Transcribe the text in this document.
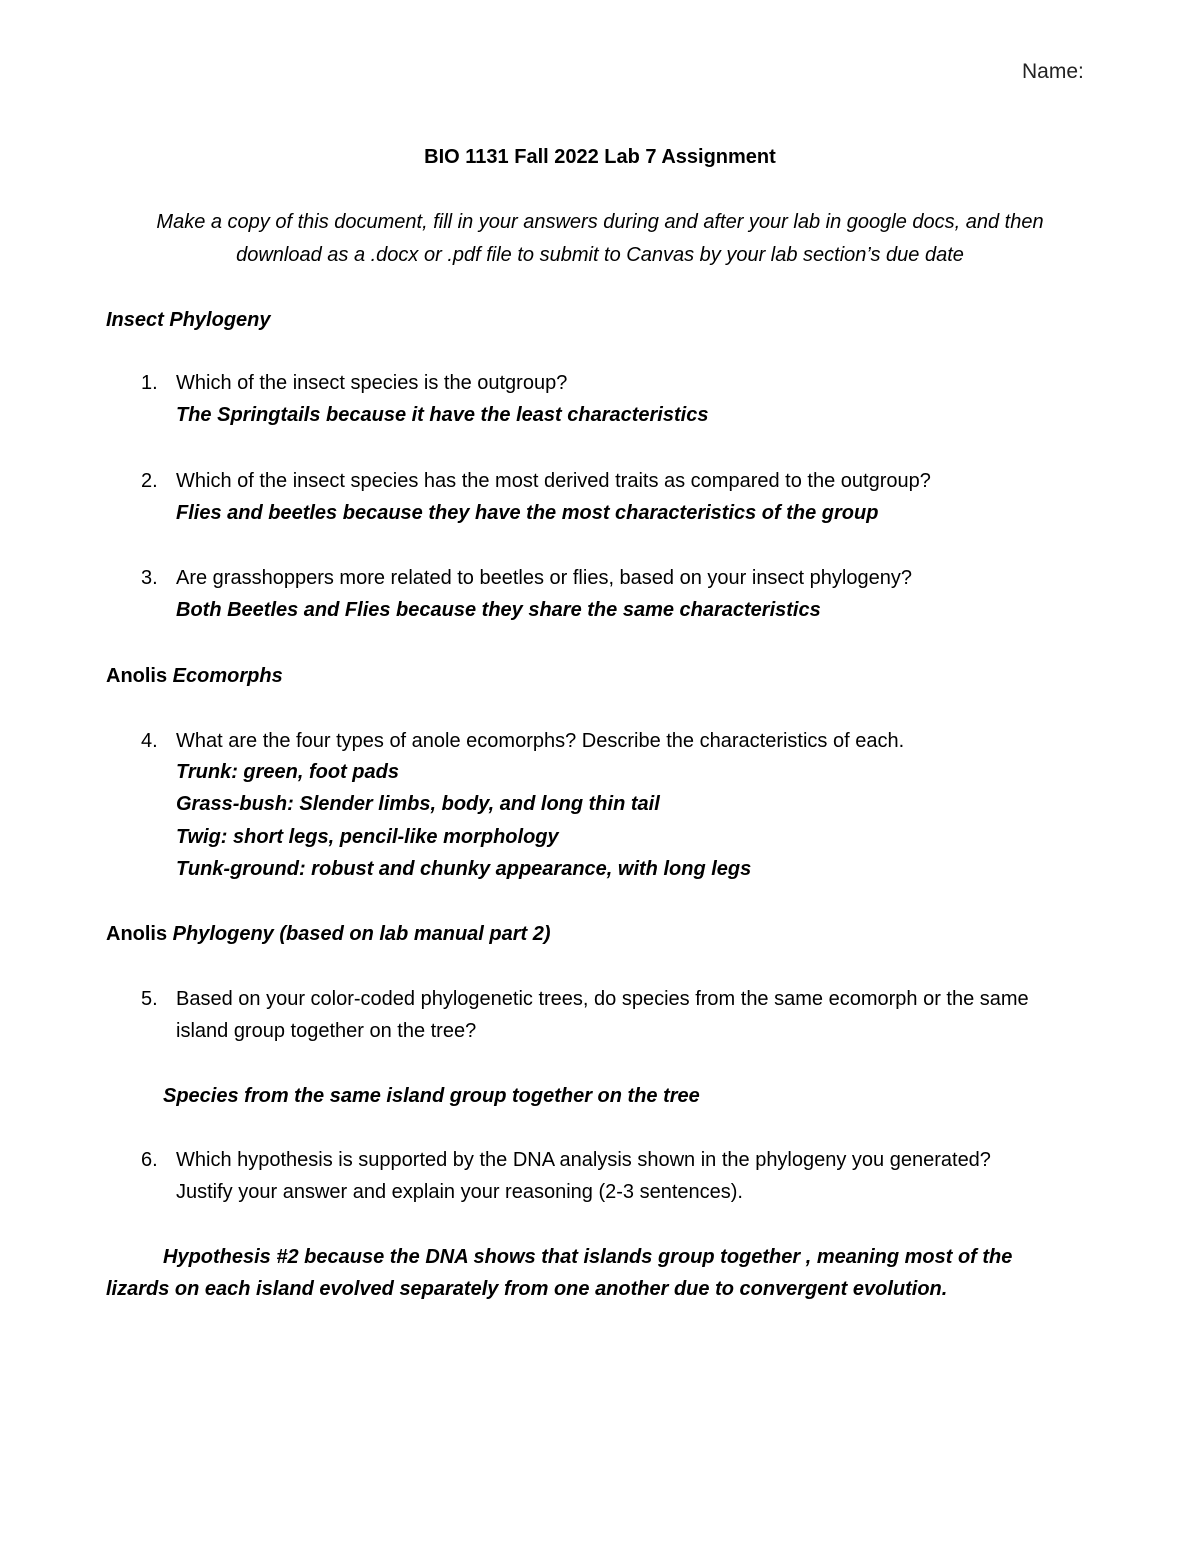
Name:
BIO 1131 Fall 2022 Lab 7 Assignment
Make a copy of this document, fill in your answers during and after your lab in google docs, and then
download as a .docx or .pdf file to submit to Canvas by your lab section’s due date
Insect Phylogeny
1. Which of the insect species is the outgroup?
The Springtails because it have the least characteristics
2. Which of the insect species has the most derived traits as compared to the outgroup?
Flies and beetles because they have the most characteristics of the group
3. Are grasshoppers more related to beetles or flies, based on your insect phylogeny?
Both Beetles and Flies because they share the same characteristics
Anolis Ecomorphs
4. What are the four types of anole ecomorphs? Describe the characteristics of each.
Trunk: green, foot pads
Grass-bush: Slender limbs, body, and long thin tail
Twig: short legs, pencil-like morphology
Tunk-ground: robust and chunky appearance, with long legs
Anolis Phylogeny (based on lab manual part 2)
5. Based on your color-coded phylogenetic trees, do species from the same ecomorph or the same
island group together on the tree?
Species from the same island group together on the tree
6. Which hypothesis is supported by the DNA analysis shown in the phylogeny you generated?
Justify your answer and explain your reasoning (2-3 sentences).
Hypothesis #2 because the DNA shows that islands group together , meaning most of the
lizards on each island evolved separately from one another due to convergent evolution.
